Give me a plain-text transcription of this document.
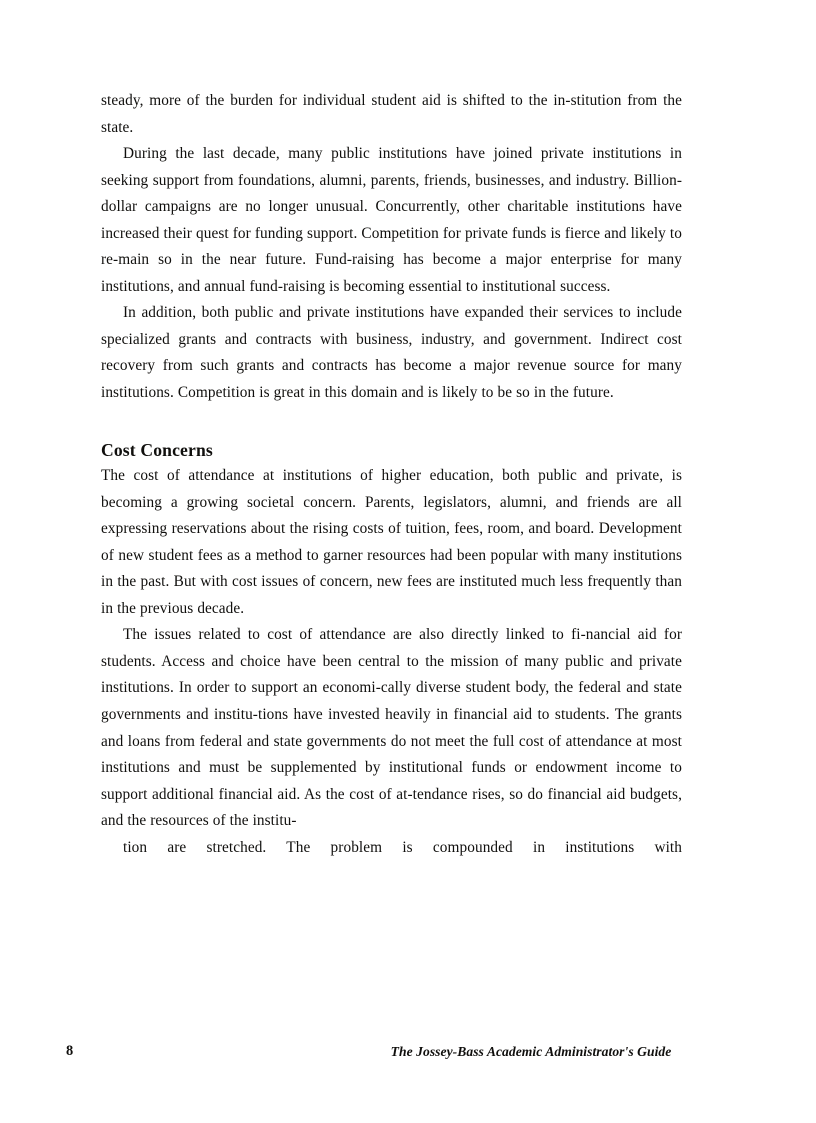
steady, more of the burden for individual student aid is shifted to the in-stitution from the state.

During the last decade, many public institutions have joined private institutions in seeking support from foundations, alumni, parents, friends, businesses, and industry. Billion-dollar campaigns are no longer unusual. Concurrently, other charitable institutions have increased their quest for funding support. Competition for private funds is fierce and likely to re-main so in the near future. Fund-raising has become a major enterprise for many institutions, and annual fund-raising is becoming essential to institutional success.

In addition, both public and private institutions have expanded their services to include specialized grants and contracts with business, industry, and government. Indirect cost recovery from such grants and contracts has become a major revenue source for many institutions. Competition is great in this domain and is likely to be so in the future.

Cost Concerns

The cost of attendance at institutions of higher education, both public and private, is becoming a growing societal concern. Parents, legislators, alumni, and friends are all expressing reservations about the rising costs of tuition, fees, room, and board. Development of new student fees as a method to garner resources had been popular with many institutions in the past. But with cost issues of concern, new fees are instituted much less frequently than in the previous decade.

The issues related to cost of attendance are also directly linked to fi-nancial aid for students. Access and choice have been central to the mission of many public and private institutions. In order to support an economi-cally diverse student body, the federal and state governments and institu-tions have invested heavily in financial aid to students. The grants and loans from federal and state governments do not meet the full cost of attendance at most institutions and must be supplemented by institutional funds or endowment income to support additional financial aid. As the cost of at-tendance rises, so do financial aid budgets, and the resources of the institu-
tion are stretched. The problem is compounded in institutions with

8	The Jossey-Bass Academic Administrator's Guide
